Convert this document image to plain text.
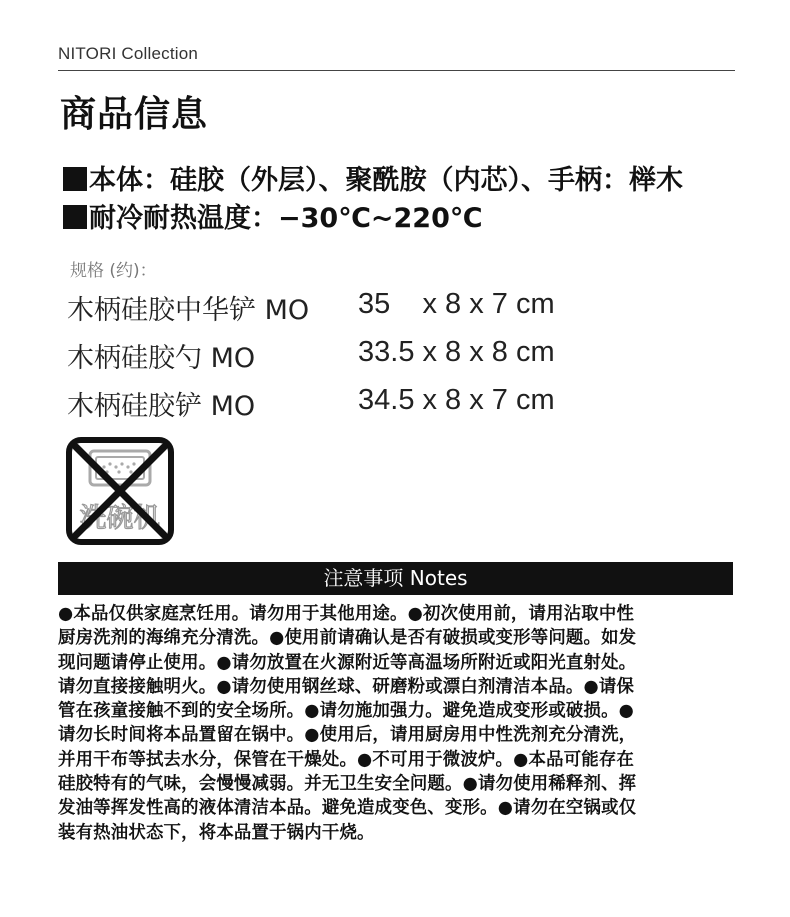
NITORI Collection
商品信息
本体：硅胶（外层）、聚酰胺（内芯）、手柄：榉木
耐冷耐热温度：−30℃~220℃
规格 (约)：
木柄硅胶中华铲 MO 35    x 8 x 7 cm
木柄硅胶勺 MO	33.5 x 8 x 8 cm
木柄硅胶铲 MO	34.5 x 8 x 7 cm
洗碗机
注意事项 Notes
●本品仅供家庭烹饪用。请勿用于其他用途。●初次使用前，请用沾取中性
厨房洗剂的海绵充分清洗。●使用前请确认是否有破损或变形等问题。如发
现问题请停止使用。●请勿放置在火源附近等高温场所附近或阳光直射处。
请勿直接接触明火。●请勿使用钢丝球、研磨粉或漂白剂清洁本品。●请保
管在孩童接触不到的安全场所。●请勿施加强力。避免造成变形或破损。●
请勿长时间将本品置留在锅中。●使用后，请用厨房用中性洗剂充分清洗，
并用干布等拭去水分，保管在干燥处。●不可用于微波炉。●本品可能存在
硅胶特有的气味，会慢慢减弱。并无卫生安全问题。●请勿使用稀释剂、挥
发油等挥发性高的液体清洁本品。避免造成变色、变形。●请勿在空锅或仅
装有热油状态下，将本品置于锅内干烧。
